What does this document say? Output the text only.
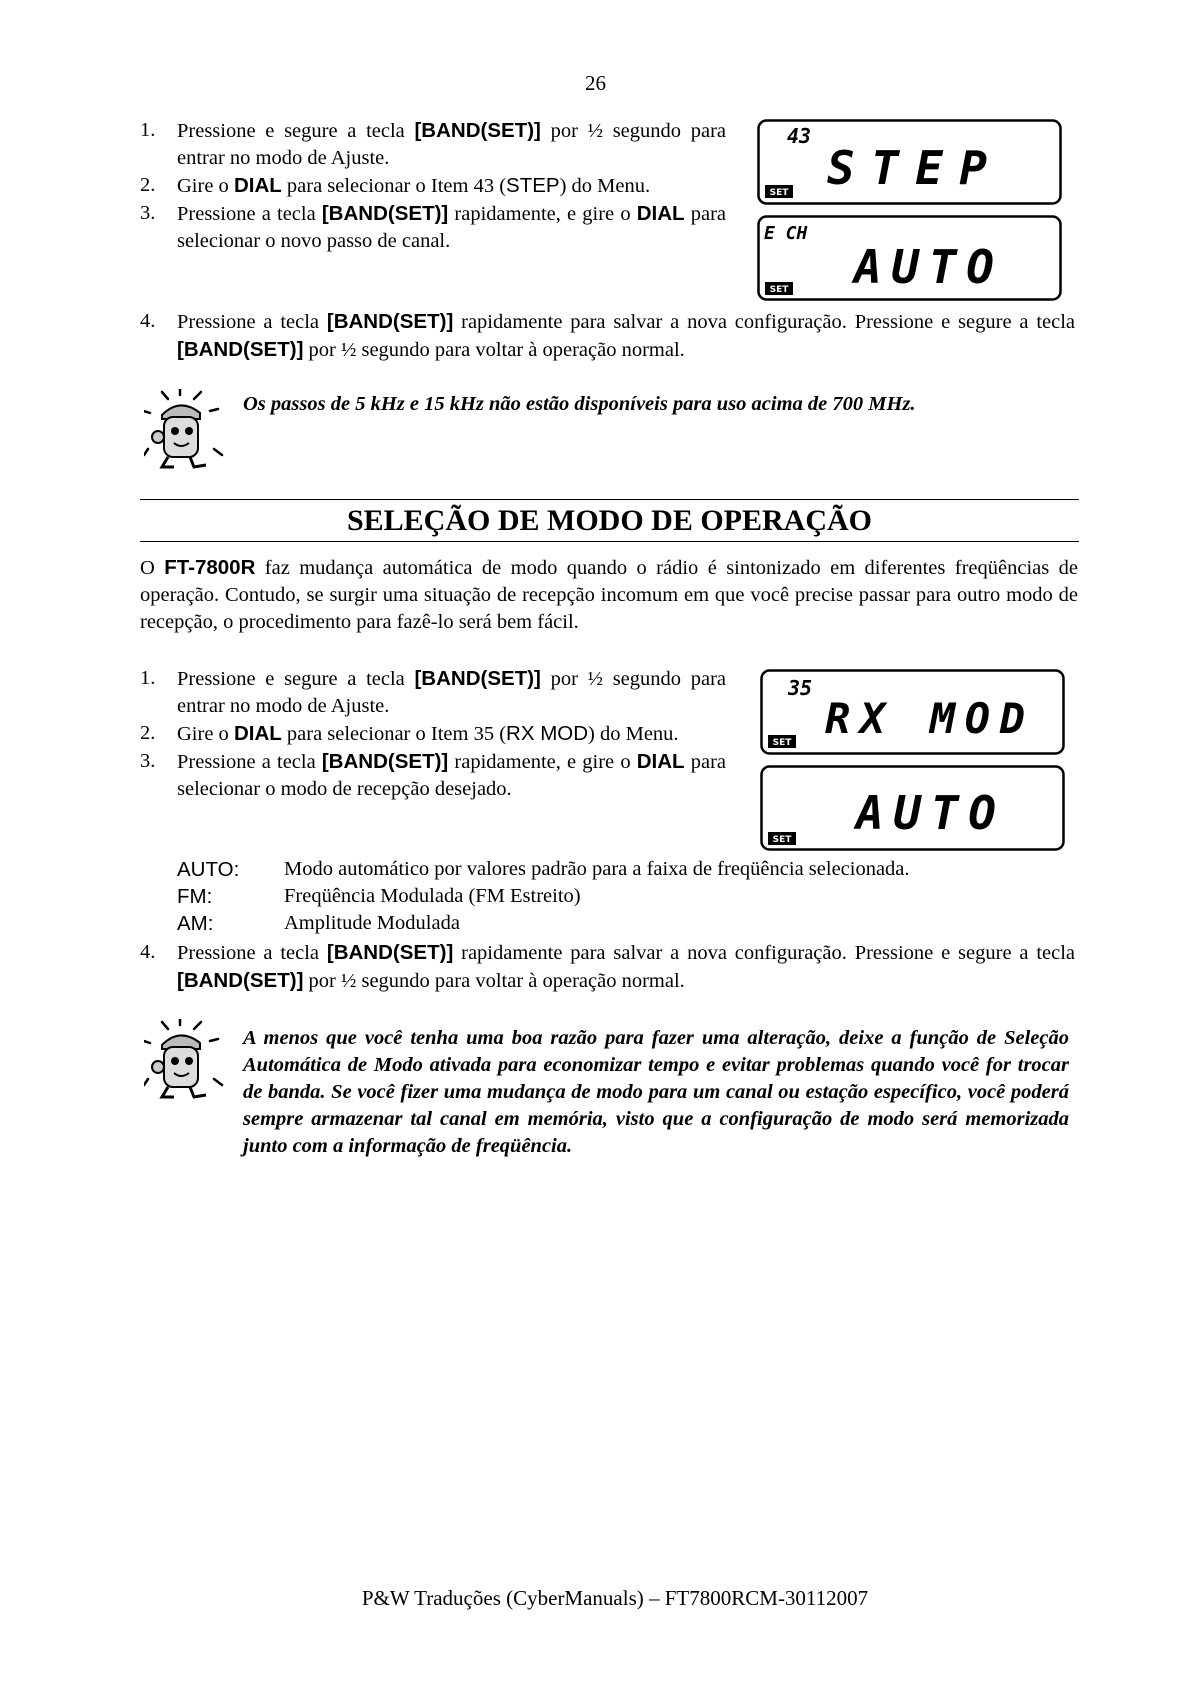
26
1.	Pressione e segure a tecla [BAND(SET)] por ½ segundo para entrar no modo de Ajuste.
2.	Gire o DIAL para selecionar o Item 43 (STEP) do Menu.
3.	Pressione a tecla [BAND(SET)] rapidamente, e gire o DIAL para selecionar o novo passo de canal.
43
STEP
SET
E CH
AUTO
SET
4.	Pressione a tecla [BAND(SET)] rapidamente para salvar a nova configuração. Pressione e segure a tecla [BAND(SET)] por ½ segundo para voltar à operação normal.
Os passos de 5 kHz e 15 kHz não estão disponíveis para uso acima de 700 MHz.
SELEÇÃO DE MODO DE OPERAÇÃO
O FT-7800R faz mudança automática de modo quando o rádio é sintonizado em diferentes freqüências de operação. Contudo, se surgir uma situação de recepção incomum em que você precise passar para outro modo de recepção, o procedimento para fazê-lo será bem fácil.
1.	Pressione e segure a tecla [BAND(SET)] por ½ segundo para entrar no modo de Ajuste.
2.	Gire o DIAL para selecionar o Item 35 (RX MOD) do Menu.
3.	Pressione a tecla [BAND(SET)] rapidamente, e gire o DIAL para selecionar o modo de recepção desejado.
35
RX MOD
SET
AUTO
SET
AUTO:	Modo automático por valores padrão para a faixa de freqüência selecionada.
FM:	Freqüência Modulada (FM Estreito)
AM:	Amplitude Modulada
4.	Pressione a tecla [BAND(SET)] rapidamente para salvar a nova configuração. Pressione e segure a tecla [BAND(SET)] por ½ segundo para voltar à operação normal.
A menos que você tenha uma boa razão para fazer uma alteração, deixe a função de Seleção Automática de Modo ativada para economizar tempo e evitar problemas quando você for trocar de banda. Se você fizer uma mudança de modo para um canal ou estação específico, você poderá sempre armazenar tal canal em memória, visto que a configuração de modo será memorizada junto com a informação de freqüência.
P&W Traduções (CyberManuals) – FT7800RCM-30112007
